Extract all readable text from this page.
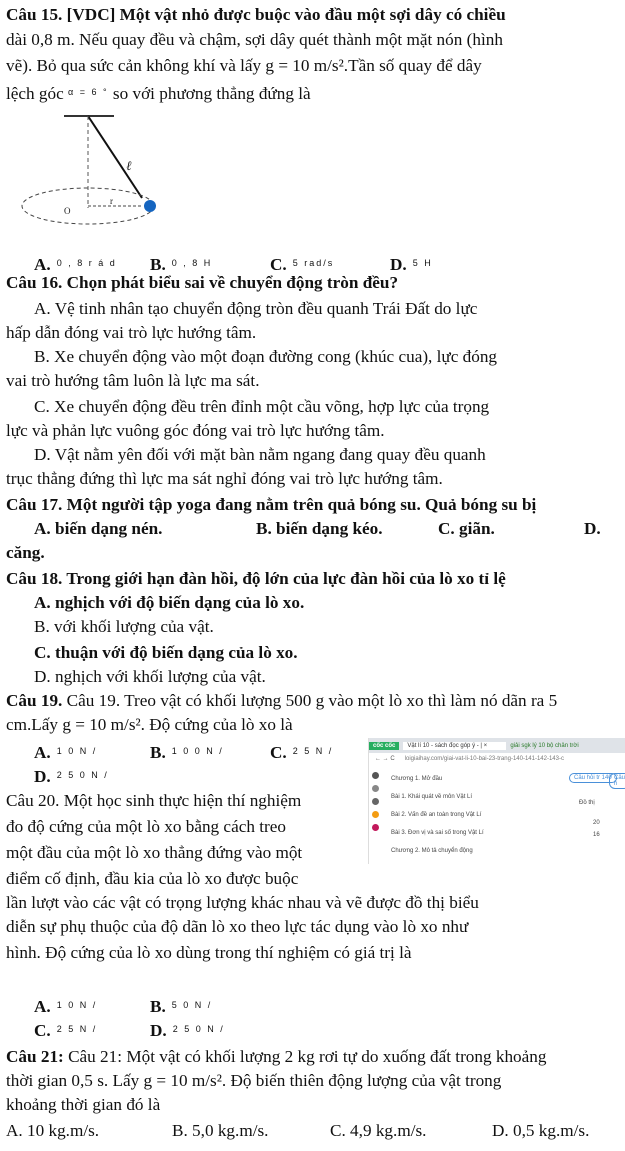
Câu 15. [VDC] Một vật nhỏ được buộc vào đầu một sợi dây có chiều
dài 0,8 m. Nếu quay đều và chậm, sợi dây quét thành một mặt nón (hình
vẽ). Bỏ qua sức cản không khí và lấy g = 10 m/s².Tần số quay để dây
lệch góc $^{\alpha = 6 ^\circ}$ so với phương thẳng đứng là
ℓ
O
r
A. $^{0 , 8 r á d}$ B. $^{0 , 8 H}$	C. $^{5 rad/s}$	D. $^{5 H}$
Câu 16. Chọn phát biểu sai về chuyển động tròn đều?
A. Vệ tinh nhân tạo chuyển động tròn đều quanh Trái Đất do lực
hấp dẫn đóng vai trò lực hướng tâm.
B. Xe chuyển động vào một đoạn đường cong (khúc cua), lực đóng
vai trò hướng tâm luôn là lực ma sát.
C. Xe chuyển động đều trên đỉnh một cầu võng, hợp lực của trọng
lực và phản lực vuông góc đóng vai trò lực hướng tâm.
D. Vật nằm yên đối với mặt bàn nằm ngang đang quay đều quanh
trục thẳng đứng thì lực ma sát nghỉ đóng vai trò lực hướng tâm.
Câu 17. Một người tập yoga đang nằm trên quả bóng su. Quả bóng su bị
A. biến dạng nén.	B. biến dạng kéo.	C. giãn.	D.
căng.
Câu 18. Trong giới hạn đàn hồi, độ lớn của lực đàn hồi của lò xo tỉ lệ
A. nghịch với độ biến dạng của lò xo.
B. với khối lượng của vật.
C. thuận với độ biến dạng của lò xo.
D. nghịch với khối lượng của vật.
Câu 19. Câu 19. Treo vật có khối lượng 500 g vào một lò xo thì làm nó dãn ra 5
cm.Lấy g = 10 m/s². Độ cứng của lò xo là
A. $^{1 0 N /}$	B. $^{1 0 0 N /}$	C. $^{2 5 N /}$
D. $^{2 5 0 N /}$
Câu 20. Một học sinh thực hiện thí nghiệm
đo độ cứng của một lò xo bằng cách treo
một đầu của một lò xo thẳng đứng vào một
điểm cố định, đầu kia của lò xo được buộc
lần lượt vào các vật có trọng lượng khác nhau và vẽ được đồ thị biểu
diễn sự phụ thuộc của độ dãn lò xo theo lực tác dụng vào lò xo như
hình. Độ cứng của lò xo dùng trong thí nghiệm có giá trị là
A. $^{1 0 N /}$	B. $^{5 0 N /}$
C. $^{2 5 N /}$	D. $^{2 5 0 N /}$
Câu 21: Câu 21: Một vật có khối lượng 2 kg rơi tự do xuống đất trong khoảng
thời gian 0,5 s. Lấy g = 10 m/s². Độ biến thiên động lượng của vật trong
khoảng thời gian đó là
A. 10 kg.m/s.	B. 5,0 kg.m/s.	C. 4,9 kg.m/s.	D. 0,5 kg.m/s.
cốc cốc	Vật lí 10 - sách đọc góp ý - | ×	giải sgk lý 10 bộ chân trời
← → C loigiaihay.com/giai-vat-li-10-bai-23-trang-140-141-142-143-c
Chương 1. Mở đầu
Bài 1. Khái quát về môn Vật Lí
Bài 2. Vấn đề an toàn trong Vật Lí
Bài 3. Đơn vị và sai số trong Vật Lí
Chương 2. Mô tả chuyển động
Câu hỏi tr 140 Câu h
Đồ thị
20
16
